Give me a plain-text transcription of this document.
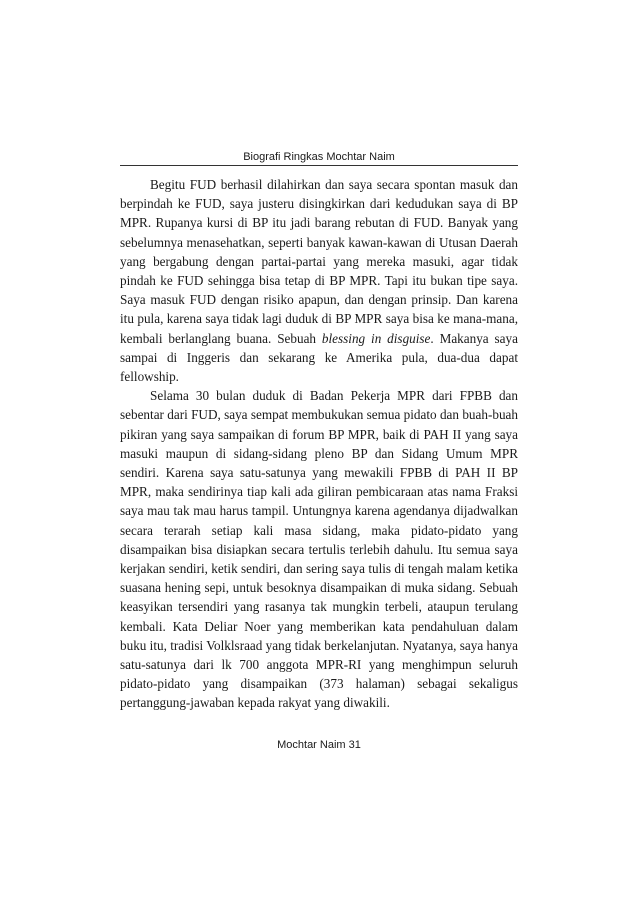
Biografi Ringkas Mochtar Naim

Begitu FUD berhasil dilahirkan dan saya secara spontan masuk dan berpindah ke FUD, saya justeru disingkirkan dari kedudukan saya di BP MPR. Rupanya kursi di BP itu jadi barang rebutan di FUD. Banyak yang sebelumnya menasehatkan, seperti banyak kawan-kawan di Utusan Daerah yang bergabung dengan partai-partai yang mereka masuki, agar tidak pindah ke FUD sehingga bisa tetap di BP MPR. Tapi itu bukan tipe saya. Saya masuk FUD dengan risiko apapun, dan dengan prinsip. Dan karena itu pula, karena saya tidak lagi duduk di BP MPR saya bisa ke mana-mana, kembali berlanglang buana. Sebuah blessing in disguise. Makanya saya sampai di Inggeris dan sekarang ke Amerika pula, dua-dua dapat fellowship.

Selama 30 bulan duduk di Badan Pekerja MPR dari FPBB dan sebentar dari FUD, saya sempat membukukan semua pidato dan buah-buah pikiran yang saya sampaikan di forum BP MPR, baik di PAH II yang saya masuki maupun di sidang-sidang pleno BP dan Sidang Umum MPR sendiri. Karena saya satu-satunya yang mewakili FPBB di PAH II BP MPR, maka sendirinya tiap kali ada giliran pembicaraan atas nama Fraksi saya mau tak mau harus tampil. Untungnya karena agendanya dijadwalkan secara terarah setiap kali masa sidang, maka pidato-pidato yang disampaikan bisa disiapkan secara tertulis terlebih dahulu. Itu semua saya kerjakan sendiri, ketik sendiri, dan sering saya tulis di tengah malam ketika suasana hening sepi, untuk besoknya disampaikan di muka sidang. Sebuah keasyikan tersendiri yang rasanya tak mungkin terbeli, ataupun terulang kembali. Kata Deliar Noer yang memberikan kata pendahuluan dalam buku itu, tradisi Volklsraad yang tidak berkelanjutan. Nyatanya, saya hanya satu-satunya dari lk 700 anggota MPR-RI yang menghimpun seluruh pidato-pidato yang disampaikan (373 halaman) sebagai sekaligus pertanggung-jawaban kepada rakyat yang diwakili.

Mochtar Naim 31
